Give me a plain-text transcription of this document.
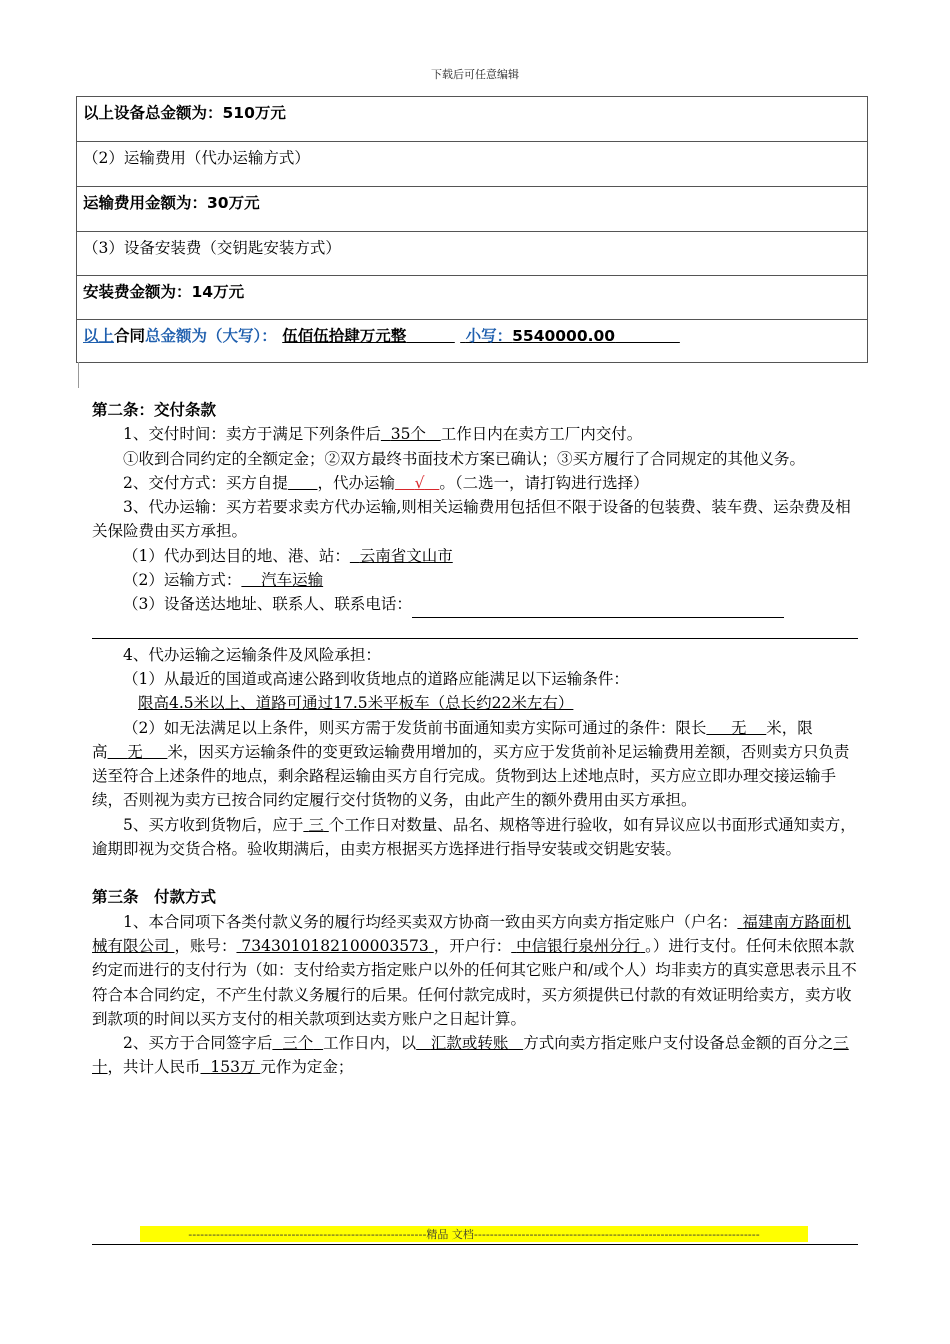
下载后可任意编辑
以上设备总金额为：510万元
（2）运输费用（代办运输方式）
运输费用金额为：30万元
（3）设备安装费（交钥匙安装方式）
安装费金额为：14万元
以上合同总金额为（大写）： 伍佰伍拾肆万元整	小写：5540000.00

第二条：交付条款

1、交付时间：卖方于满足下列条件后 35个 工作日内在卖方工厂内交付。

①收到合同约定的全额定金；②双方最终书面技术方案已确认；③买方履行了合同规定的其他义务。

2、交付方式：买方自提 ，代办运输 √ 。（二选一，请打钩进行选择）

3、代办运输：买方若要求卖方代办运输,则相关运输费用包括但不限于设备的包装费、装车费、运杂费及相关保险费由买方承担。

（1）代办到达目的地、港、站： 云南省文山市

（2）运输方式： 汽车运输

（3）设备送达地址、联系人、联系电话：

4、代办运输之运输条件及风险承担：

（1）从最近的国道或高速公路到收货地点的道路应能满足以下运输条件：

限高4.5米以上、道路可通过17.5米平板车（总长约22米左右）

（2）如无法满足以上条件，则买方需于发货前书面通知卖方实际可通过的条件：限长 无 米，限高 无 米，因买方运输条件的变更致运输费用增加的，买方应于发货前补足运输费用差额，否则卖方只负责送至符合上述条件的地点，剩余路程运输由买方自行完成。货物到达上述地点时，买方应立即办理交接运输手续，否则视为卖方已按合同约定履行交付货物的义务，由此产生的额外费用由买方承担。

5、买方收到货物后，应于 三 个工作日对数量、品名、规格等进行验收，如有异议应以书面形式通知卖方，逾期即视为交货合格。验收期满后，由卖方根据买方选择进行指导安装或交钥匙安装。

第三条　付款方式

1、本合同项下各类付款义务的履行均经买卖双方协商一致由买方向卖方指定账户（户名： 福建南方路面机械有限公司 ，账号： 7343010182100003573 ，开户行： 中信银行泉州分行 。）进行支付。任何未依照本款约定而进行的支付行为（如：支付给卖方指定账户以外的任何其它账户和/或个人）均非卖方的真实意思表示且不符合本合同约定，不产生付款义务履行的后果。任何付款完成时，买方须提供已付款的有效证明给卖方，卖方收到款项的时间以买方支付的相关款项到达卖方账户之日起计算。

2、买方于合同签字后 三个 工作日内，以 汇款或转账 方式向卖方指定账户支付设备总金额的百分之三十，共计人民币 153万 元作为定金；

------------------------------------------------------------精品 文档------------------------------------------------------------------------
